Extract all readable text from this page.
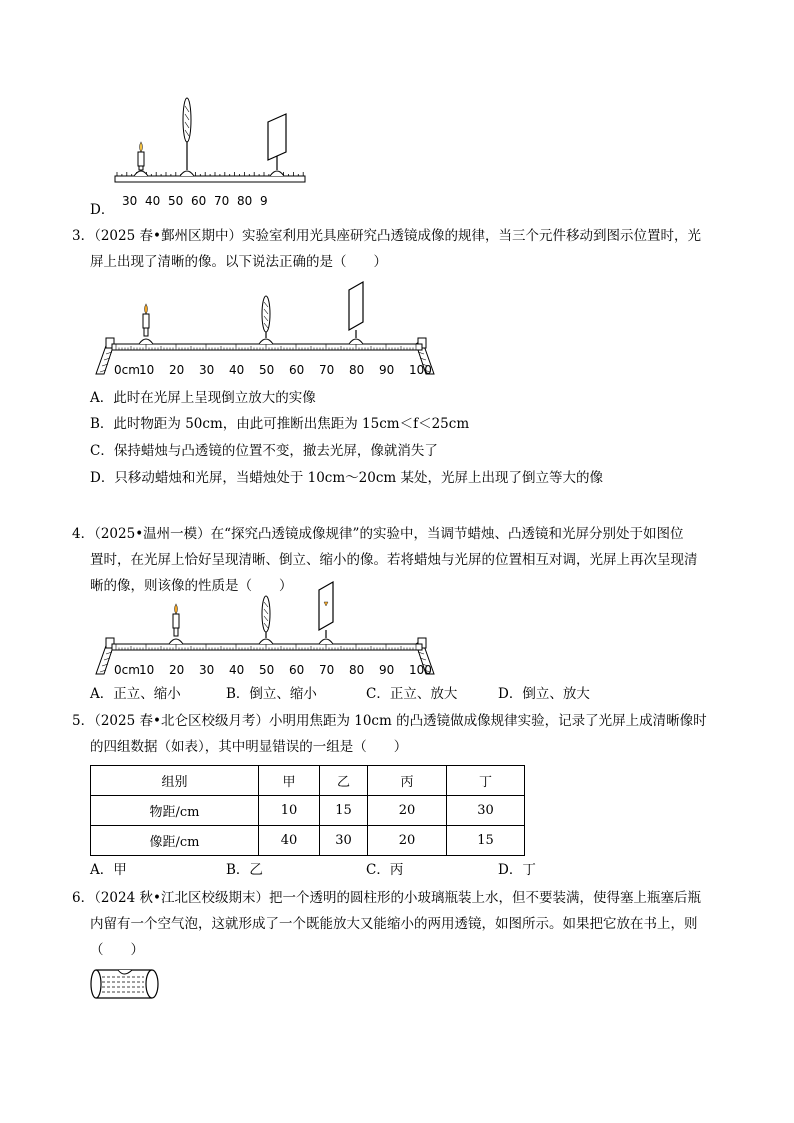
30 40 50 60 70 80 9
D．
3．（2025 春•鄞州区期中）实验室利用光具座研究凸透镜成像的规律，当三个元件移动到图示位置时，光
屏上出现了清晰的像。以下说法正确的是（　　）
0cm 10 20 30 40 50 60 70 80 90 100
A．此时在光屏上呈现倒立放大的实像
B．此时物距为 50cm，由此可推断出焦距为 15cm＜f＜25cm
C．保持蜡烛与凸透镜的位置不变，撤去光屏，像就消失了
D．只移动蜡烛和光屏，当蜡烛处于 10cm～20cm 某处，光屏上出现了倒立等大的像
4．（2025•温州一模）在“探究凸透镜成像规律”的实验中，当调节蜡烛、凸透镜和光屏分别处于如图位
置时，在光屏上恰好呈现清晰、倒立、缩小的像。若将蜡烛与光屏的位置相互对调，光屏上再次呈现清
晰的像，则该像的性质是（　　）
0cm 10 20 30 40 50 60 70 80 90 100
A．正立、缩小	B．倒立、缩小	C．正立、放大	D．倒立、放大
5．（2025 春•北仑区校级月考）小明用焦距为 10cm 的凸透镜做成像规律实验，记录了光屏上成清晰像时
的四组数据（如表），其中明显错误的一组是（　　）
组别	甲	乙	丙	丁
物距/cm	10	15	20	30
像距/cm	40	30	20	15
A．甲	B．乙	C．丙	D．丁
6．（2024 秋•江北区校级期末）把一个透明的圆柱形的小玻璃瓶装上水，但不要装满，使得塞上瓶塞后瓶
内留有一个空气泡，这就形成了一个既能放大又能缩小的两用透镜，如图所示。如果把它放在书上，则
（　　）
